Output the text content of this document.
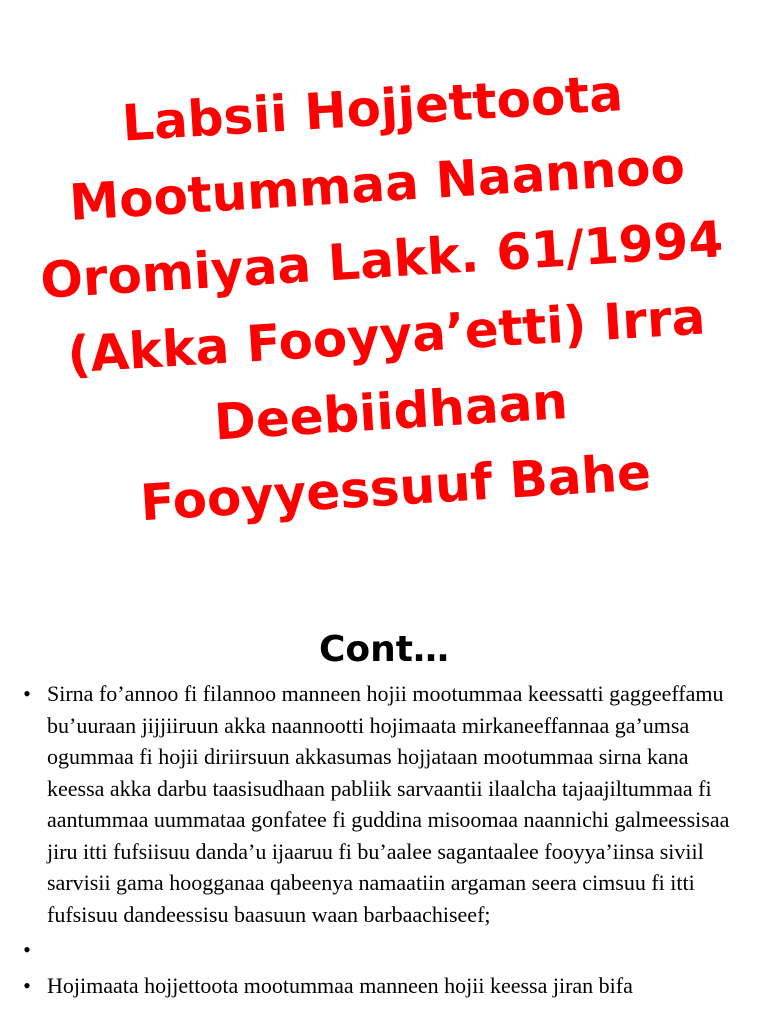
Labsii Hojjettoota
Mootummaa Naannoo
Oromiyaa Lakk. 61/1994
(Akka Fooyya’etti) Irra
Deebiidhaan
Fooyyessuuf Bahe
Cont…
• Sirna fo’annoo fi filannoo manneen hojii mootummaa keessatti gaggeeffamu bu’uuraan jijjiiruun akka naannootti hojimaata mirkaneeffannaa ga’umsa ogummaa fi hojii diriirsuun akkasumas hojjataan mootummaa sirna kana keessa akka darbu taasisudhaan pabliik sarvaantii ilaalcha tajaajiltummaa fi aantummaa uummataa gonfatee fi guddina misoomaa naannichi galmeessisaa jiru itti fufsiisuu danda’u ijaaruu fi bu’aalee sagantaalee fooyya’iinsa siviil sarvisii gama hoogganaa qabeenya namaatiin argaman seera cimsuu fi itti fufsisuu dandeessisu baasuun waan barbaachiseef;
•
• Hojimaata hojjettoota mootummaa manneen hojii keessa jiran bifa
